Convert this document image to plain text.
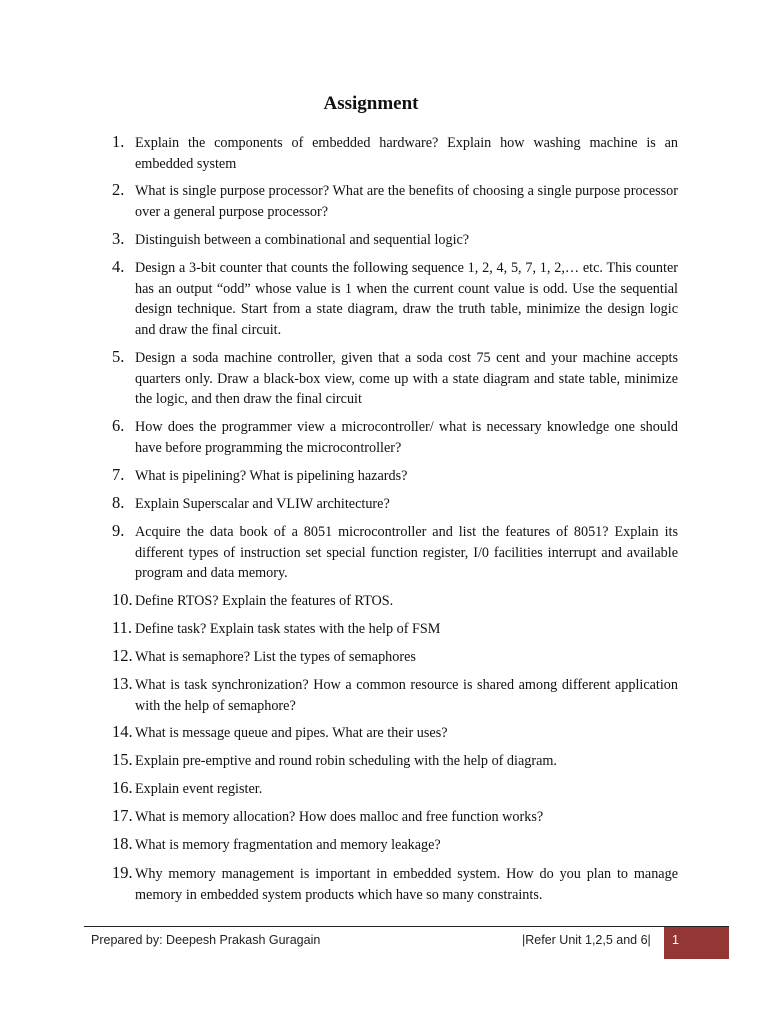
Assignment
1. Explain the components of embedded hardware? Explain how washing machine is an embedded system
2. What is single purpose processor? What are the benefits of choosing a single purpose processor over a general purpose processor?
3. Distinguish between a combinational and sequential logic?
4. Design a 3-bit counter that counts the following sequence 1, 2, 4, 5, 7, 1, 2,… etc. This counter has an output “odd” whose value is 1 when the current count value is odd. Use the sequential design technique. Start from a state diagram, draw the truth table, minimize the design logic and draw the final circuit.
5. Design a soda machine controller, given that a soda cost 75 cent and your machine accepts quarters only. Draw a black-box view, come up with a state diagram and state table, minimize the logic, and then draw the final circuit
6. How does the programmer view a microcontroller/ what is necessary knowledge one should have before programming the microcontroller?
7. What is pipelining? What is pipelining hazards?
8. Explain Superscalar and VLIW architecture?
9. Acquire the data book of a 8051 microcontroller and list the features of 8051? Explain its different types of instruction set special function register, I/0 facilities interrupt and available program and data memory.
10. Define RTOS? Explain the features of RTOS.
11. Define task? Explain task states with the help of FSM
12. What is semaphore? List the types of semaphores
13. What is task synchronization? How a common resource is shared among different application with the help of semaphore?
14. What is message queue and pipes. What are their uses?
15. Explain pre-emptive and round robin scheduling with the help of diagram.
16. Explain event register.
17. What is memory allocation? How does malloc and free function works?
18. What is memory fragmentation and memory leakage?
19. Why memory management is important in embedded system. How do you plan to manage memory in embedded system products which have so many constraints.
Prepared by: Deepesh Prakash Guragain	|Refer Unit 1,2,5 and 6| 1
